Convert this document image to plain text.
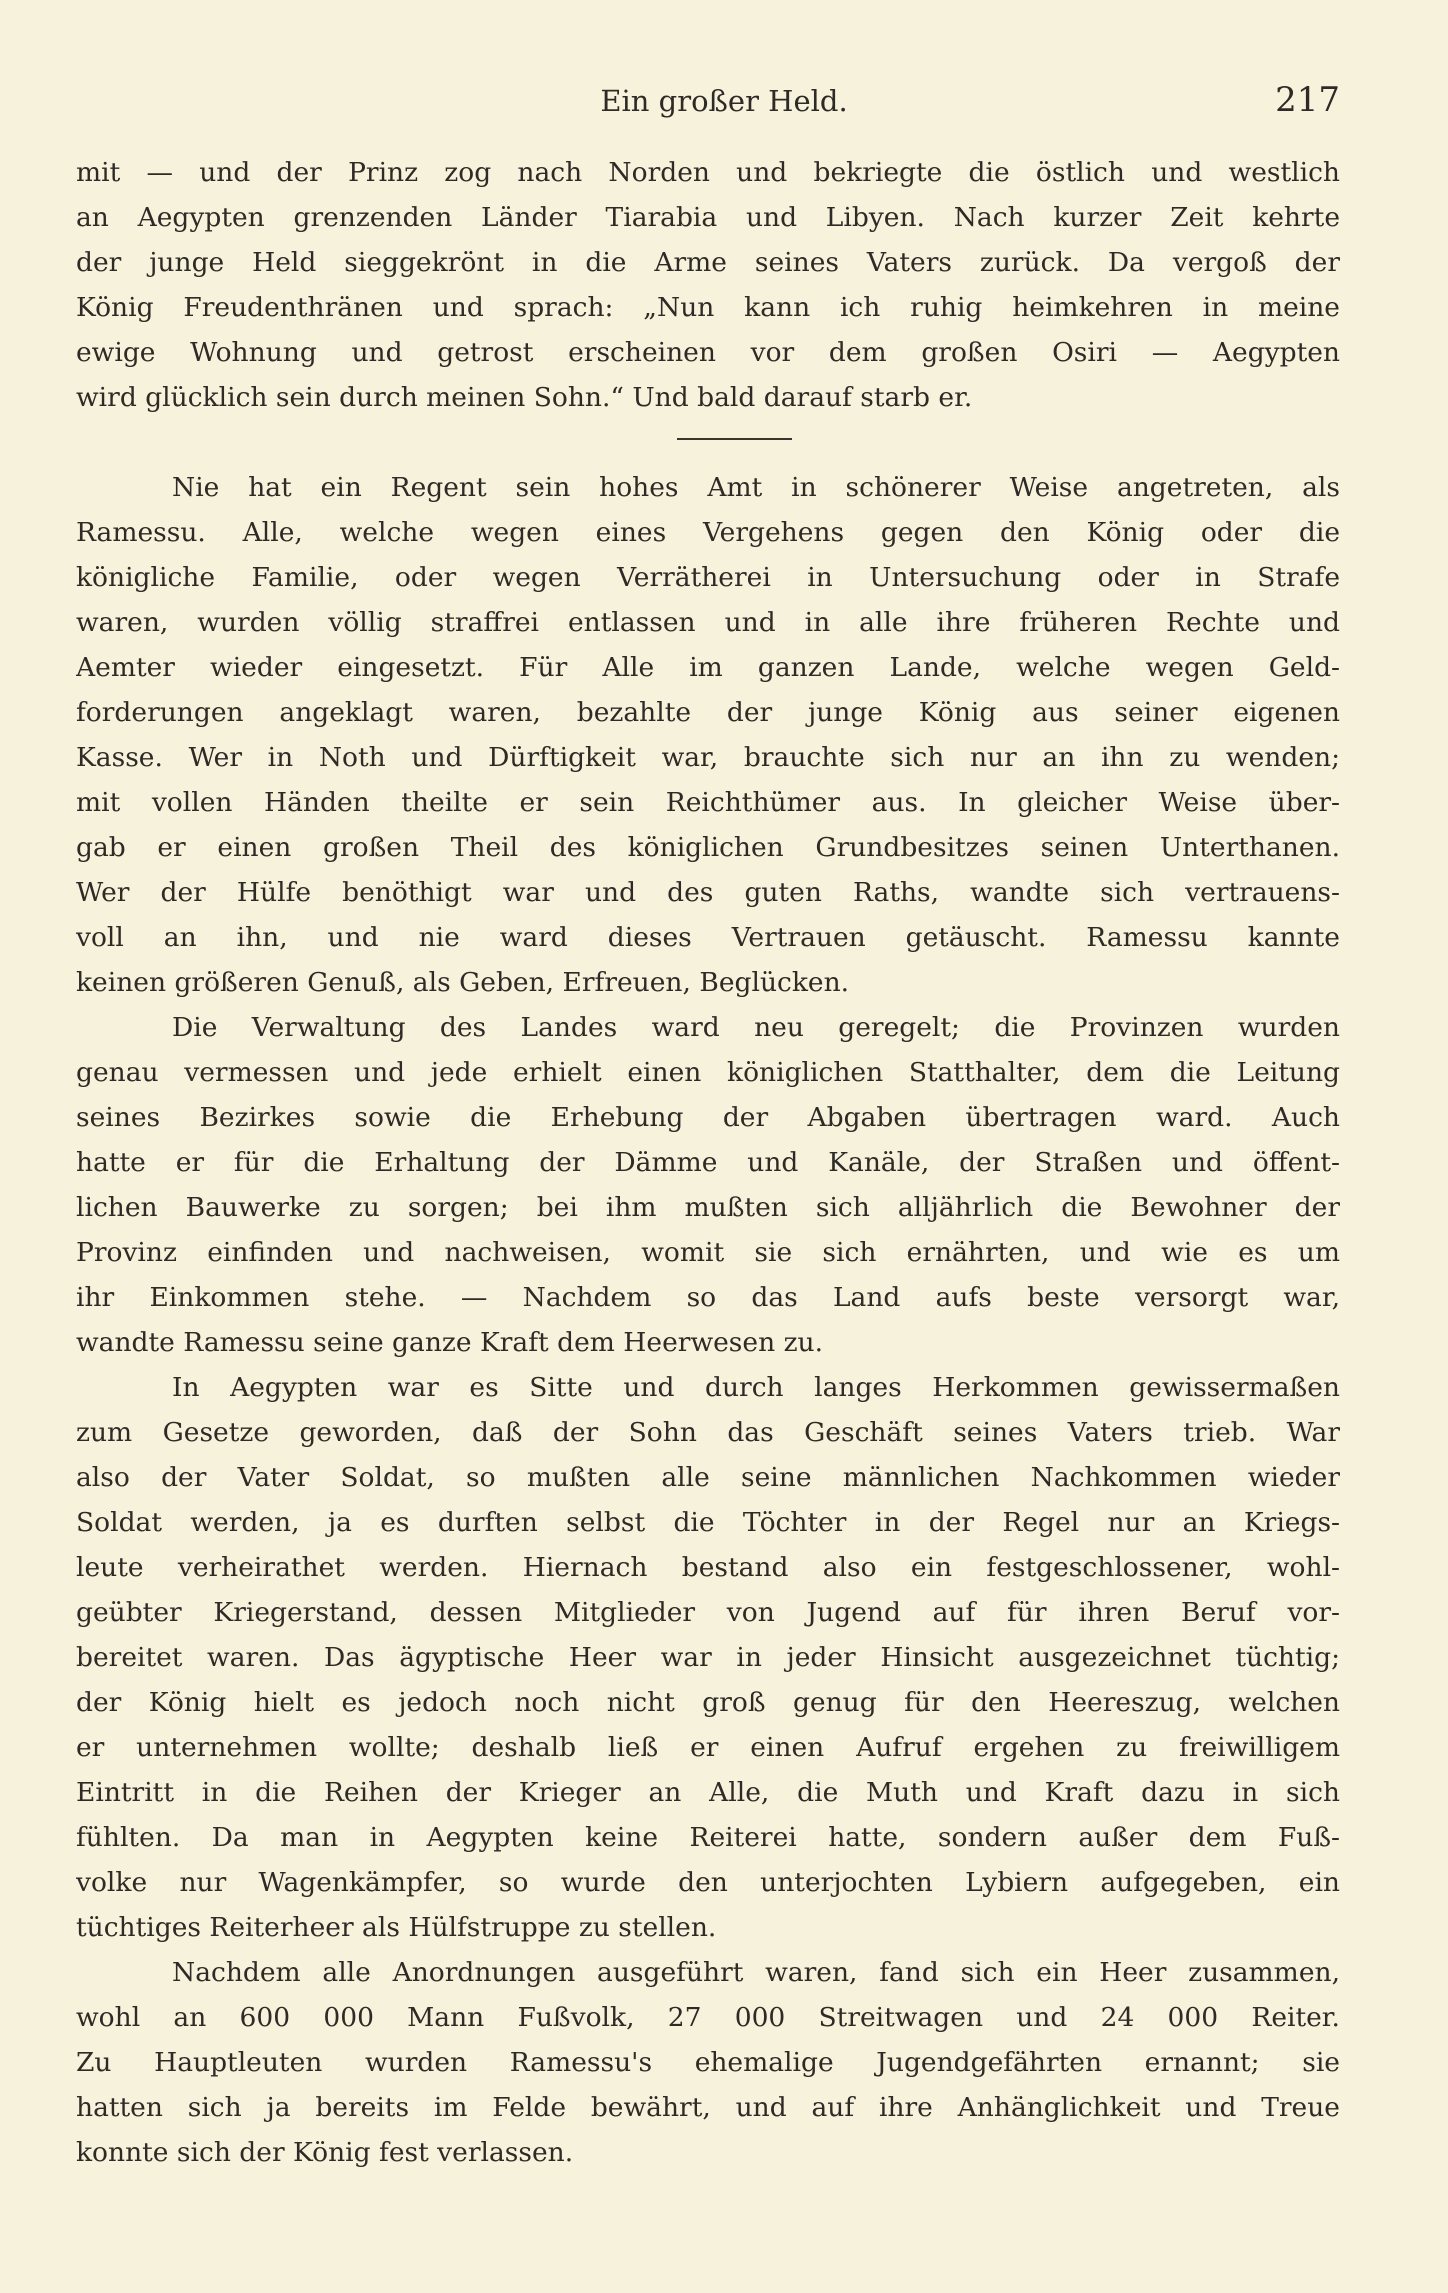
Ein großer Held.	217
mit — und der Prinz zog nach Norden und bekriegte die östlich und westlich
an Aegypten grenzenden Länder Tiarabia und Libyen. Nach kurzer Zeit kehrte
der junge Held sieggekrönt in die Arme seines Vaters zurück. Da vergoß der
König Freudenthränen und sprach: „Nun kann ich ruhig heimkehren in meine
ewige Wohnung und getrost erscheinen vor dem großen Osiri — Aegypten
wird glücklich sein durch meinen Sohn.“ Und bald darauf starb er.
Nie hat ein Regent sein hohes Amt in schönerer Weise angetreten, als
Ramessu. Alle, welche wegen eines Vergehens gegen den König oder die
königliche Familie, oder wegen Verrätherei in Untersuchung oder in Strafe
waren, wurden völlig straffrei entlassen und in alle ihre früheren Rechte und
Aemter wieder eingesetzt. Für Alle im ganzen Lande, welche wegen Geld-
forderungen angeklagt waren, bezahlte der junge König aus seiner eigenen
Kasse. Wer in Noth und Dürftigkeit war, brauchte sich nur an ihn zu wenden;
mit vollen Händen theilte er sein Reichthümer aus. In gleicher Weise über-
gab er einen großen Theil des königlichen Grundbesitzes seinen Unterthanen.
Wer der Hülfe benöthigt war und des guten Raths, wandte sich vertrauens-
voll an ihn, und nie ward dieses Vertrauen getäuscht. Ramessu kannte
keinen größeren Genuß, als Geben, Erfreuen, Beglücken.
Die Verwaltung des Landes ward neu geregelt; die Provinzen wurden
genau vermessen und jede erhielt einen königlichen Statthalter, dem die Leitung
seines Bezirkes sowie die Erhebung der Abgaben übertragen ward. Auch
hatte er für die Erhaltung der Dämme und Kanäle, der Straßen und öffent-
lichen Bauwerke zu sorgen; bei ihm mußten sich alljährlich die Bewohner der
Provinz einfinden und nachweisen, womit sie sich ernährten, und wie es um
ihr Einkommen stehe. — Nachdem so das Land aufs beste versorgt war,
wandte Ramessu seine ganze Kraft dem Heerwesen zu.
In Aegypten war es Sitte und durch langes Herkommen gewissermaßen
zum Gesetze geworden, daß der Sohn das Geschäft seines Vaters trieb. War
also der Vater Soldat, so mußten alle seine männlichen Nachkommen wieder
Soldat werden, ja es durften selbst die Töchter in der Regel nur an Kriegs-
leute verheirathet werden. Hiernach bestand also ein festgeschlossener, wohl-
geübter Kriegerstand, dessen Mitglieder von Jugend auf für ihren Beruf vor-
bereitet waren. Das ägyptische Heer war in jeder Hinsicht ausgezeichnet tüchtig;
der König hielt es jedoch noch nicht groß genug für den Heereszug, welchen
er unternehmen wollte; deshalb ließ er einen Aufruf ergehen zu freiwilligem
Eintritt in die Reihen der Krieger an Alle, die Muth und Kraft dazu in sich
fühlten. Da man in Aegypten keine Reiterei hatte, sondern außer dem Fuß-
volke nur Wagenkämpfer, so wurde den unterjochten Lybiern aufgegeben, ein
tüchtiges Reiterheer als Hülfstruppe zu stellen.
Nachdem alle Anordnungen ausgeführt waren, fand sich ein Heer zusammen,
wohl an 600 000 Mann Fußvolk, 27 000 Streitwagen und 24 000 Reiter.
Zu Hauptleuten wurden Ramessu's ehemalige Jugendgefährten ernannt; sie
hatten sich ja bereits im Felde bewährt, und auf ihre Anhänglichkeit und Treue
konnte sich der König fest verlassen.
